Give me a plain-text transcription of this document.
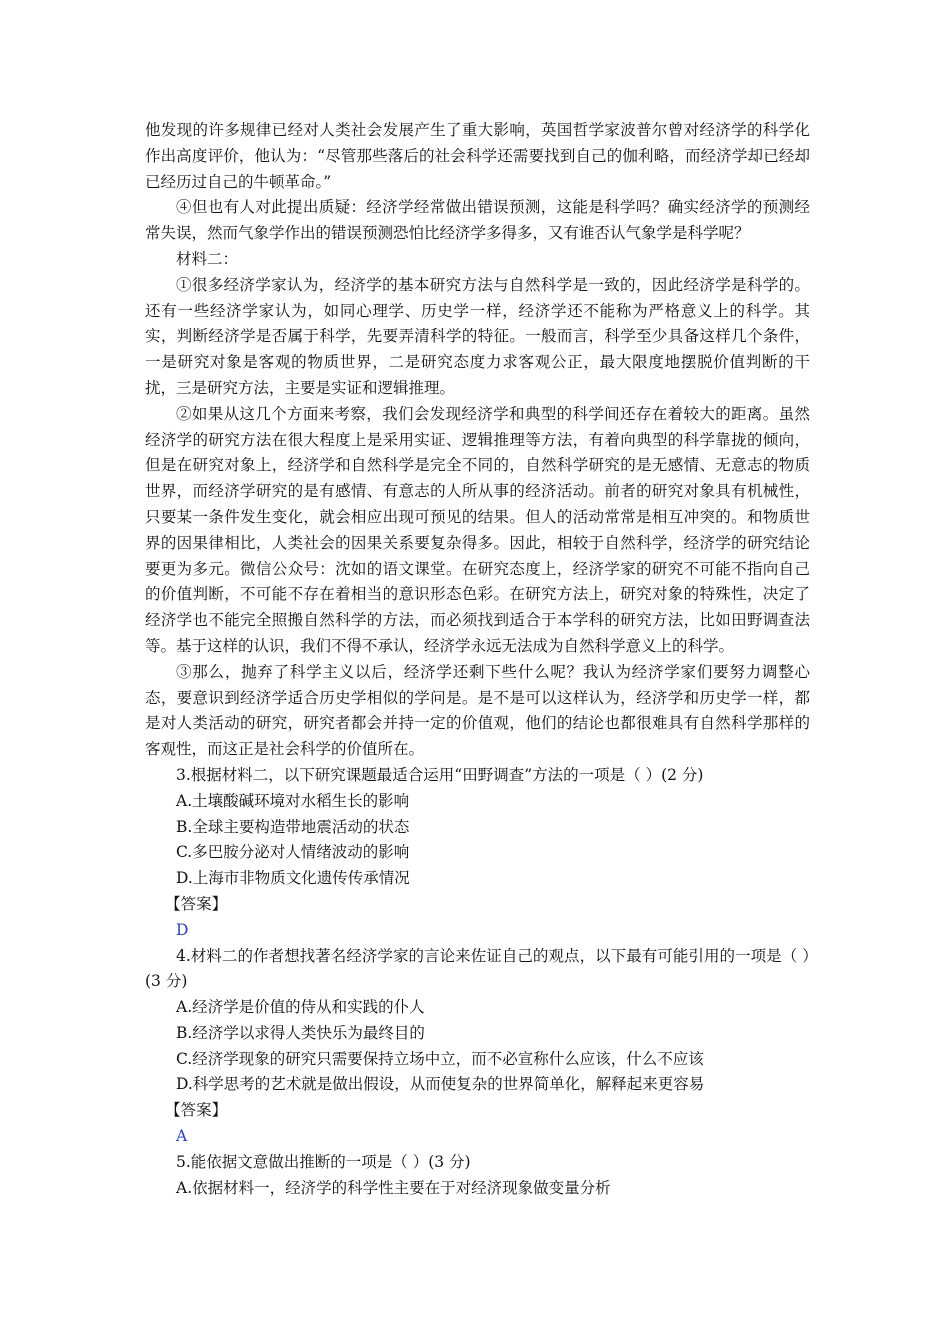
他发现的许多规律已经对人类社会发展产生了重大影响，英国哲学家波普尔曾对经济学的科学化作出高度评价，他认为：“尽管那些落后的社会科学还需要找到自己的伽利略，而经济学却已经却已经历过自己的牛顿革命。”

④但也有人对此提出质疑：经济学经常做出错误预测，这能是科学吗？确实经济学的预测经常失误，然而气象学作出的错误预测恐怕比经济学多得多，又有谁否认气象学是科学呢？

材料二：

①很多经济学家认为，经济学的基本研究方法与自然科学是一致的，因此经济学是科学的。还有一些经济学家认为，如同心理学、历史学一样，经济学还不能称为严格意义上的科学。其实，判断经济学是否属于科学，先要弄清科学的特征。一般而言，科学至少具备这样几个条件，一是研究对象是客观的物质世界，二是研究态度力求客观公正，最大限度地摆脱价值判断的干扰，三是研究方法，主要是实证和逻辑推理。

②如果从这几个方面来考察，我们会发现经济学和典型的科学间还存在着较大的距离。虽然经济学的研究方法在很大程度上是采用实证、逻辑推理等方法，有着向典型的科学靠拢的倾向，但是在研究对象上，经济学和自然科学是完全不同的，自然科学研究的是无感情、无意志的物质世界，而经济学研究的是有感情、有意志的人所从事的经济活动。前者的研究对象具有机械性，只要某一条件发生变化，就会相应出现可预见的结果。但人的活动常常是相互冲突的。和物质世界的因果律相比，人类社会的因果关系要复杂得多。因此，相较于自然科学，经济学的研究结论要更为多元。微信公众号：沈如的语文课堂。在研究态度上，经济学家的研究不可能不指向自己的价值判断，不可能不存在着相当的意识形态色彩。在研究方法上，研究对象的特殊性，决定了经济学也不能完全照搬自然科学的方法，而必须找到适合于本学科的研究方法，比如田野调查法等。基于这样的认识，我们不得不承认，经济学永远无法成为自然科学意义上的科学。

③那么，抛弃了科学主义以后，经济学还剩下些什么呢？我认为经济学家们要努力调整心态，要意识到经济学适合历史学相似的学问是。是不是可以这样认为，经济学和历史学一样，都是对人类活动的研究，研究者都会并持一定的价值观，他们的结论也都很难具有自然科学那样的客观性，而这正是社会科学的价值所在。

3.根据材料二，以下研究课题最适合运用“田野调查”方法的一项是（ ）(2 分)

A.土壤酸碱环境对水稻生长的影响

B.全球主要构造带地震活动的状态

C.多巴胺分泌对人情绪波动的影响

D.上海市非物质文化遗传传承情况

【答案】

D

4.材料二的作者想找著名经济学家的言论来佐证自己的观点，以下最有可能引用的一项是（ ）(3 分)

A.经济学是价值的侍从和实践的仆人

B.经济学以求得人类快乐为最终目的

C.经济学现象的研究只需要保持立场中立，而不必宣称什么应该，什么不应该

D.科学思考的艺术就是做出假设，从而使复杂的世界简单化，解释起来更容易

【答案】

A

5.能依据文意做出推断的一项是（ ）(3 分)

A.依据材料一，经济学的科学性主要在于对经济现象做变量分析
